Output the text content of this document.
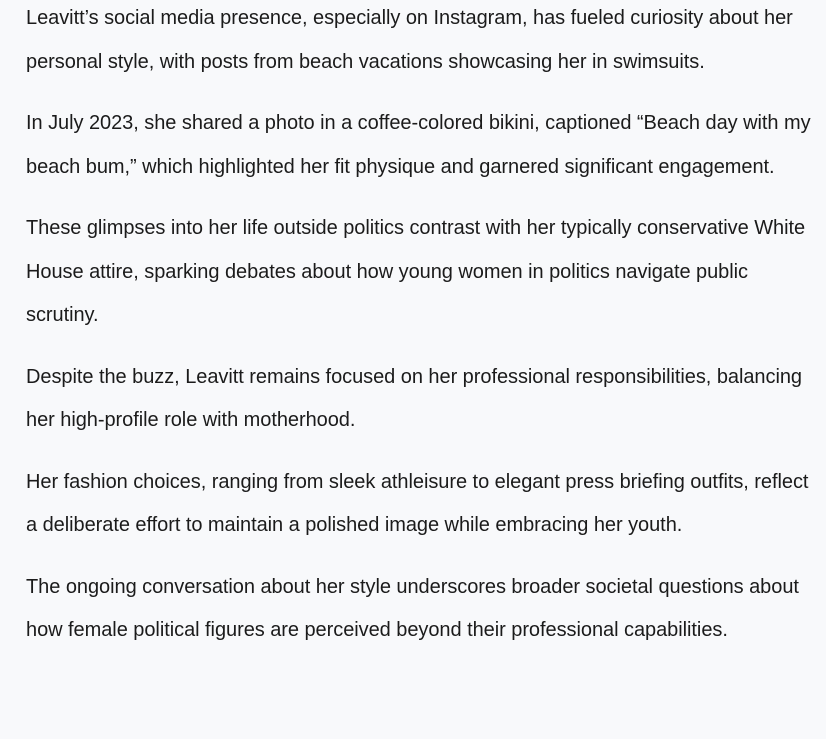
Leavitt’s social media presence, especially on Instagram, has fueled curiosity about her personal style, with posts from beach vacations showcasing her in swimsuits.

In July 2023, she shared a photo in a coffee-colored bikini, captioned “Beach day with my beach bum,” which highlighted her fit physique and garnered significant engagement.

These glimpses into her life outside politics contrast with her typically conservative White House attire, sparking debates about how young women in politics navigate public scrutiny.

Despite the buzz, Leavitt remains focused on her professional responsibilities, balancing her high-profile role with motherhood.

Her fashion choices, ranging from sleek athleisure to elegant press briefing outfits, reflect a deliberate effort to maintain a polished image while embracing her youth.

The ongoing conversation about her style underscores broader societal questions about how female political figures are perceived beyond their professional capabilities.
